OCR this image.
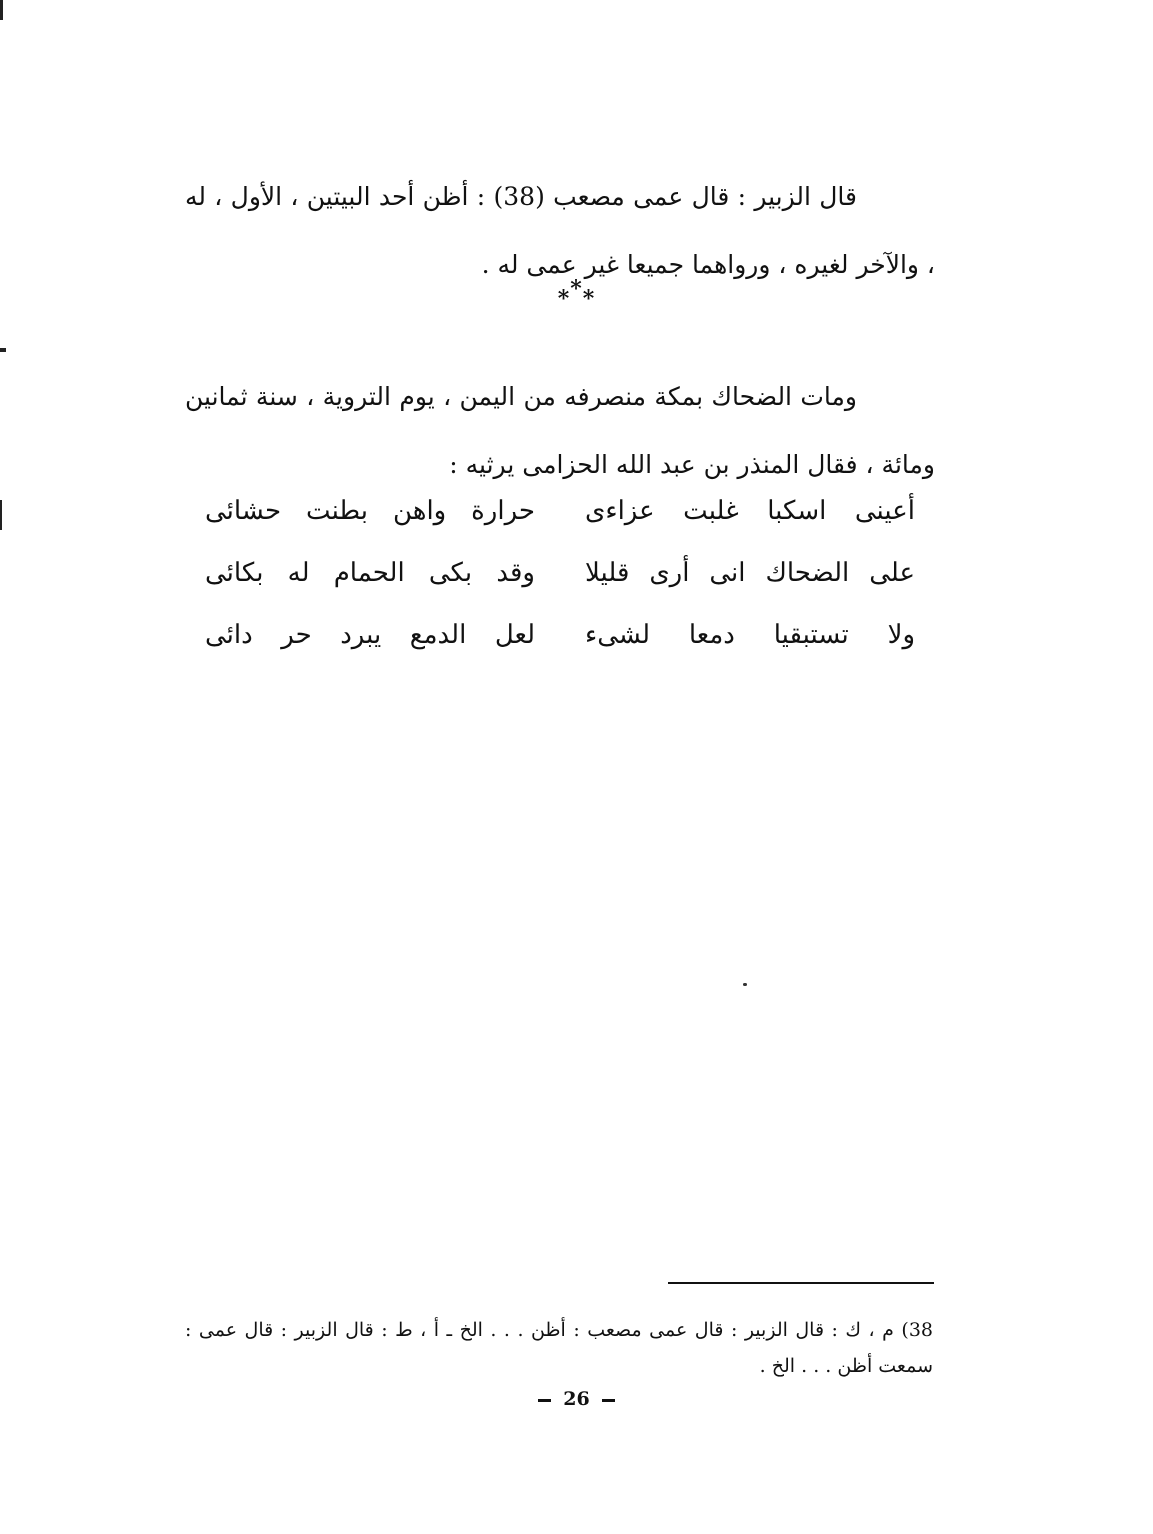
قال الزبير : قال عمى مصعب (38) : أظن أحد البيتين ، الأول ، له ، والآخر لغيره ، ورواهما جميعا غير عمى له .

***

ومات الضحاك بمكة منصرفه من اليمن ، يوم التروية ، سنة ثمانين ومائة ، فقال المنذر بن عبد الله الحزامى يرثيه :

أعينى اسكبا غلبت عزاءى
حرارة واهن بطنت حشائى
على الضحاك انى أرى قليلا
وقد بكى الحمام له بكائى
ولا تستبقيا دمعا لشىء
لعل الدمع يبرد حر دائى

38) م ، ك : قال الزبير : قال عمى مصعب : أظن . . . الخ ـ أ ، ط : قال الزبير : قال عمى : سمعت أظن . . . الخ .

26
